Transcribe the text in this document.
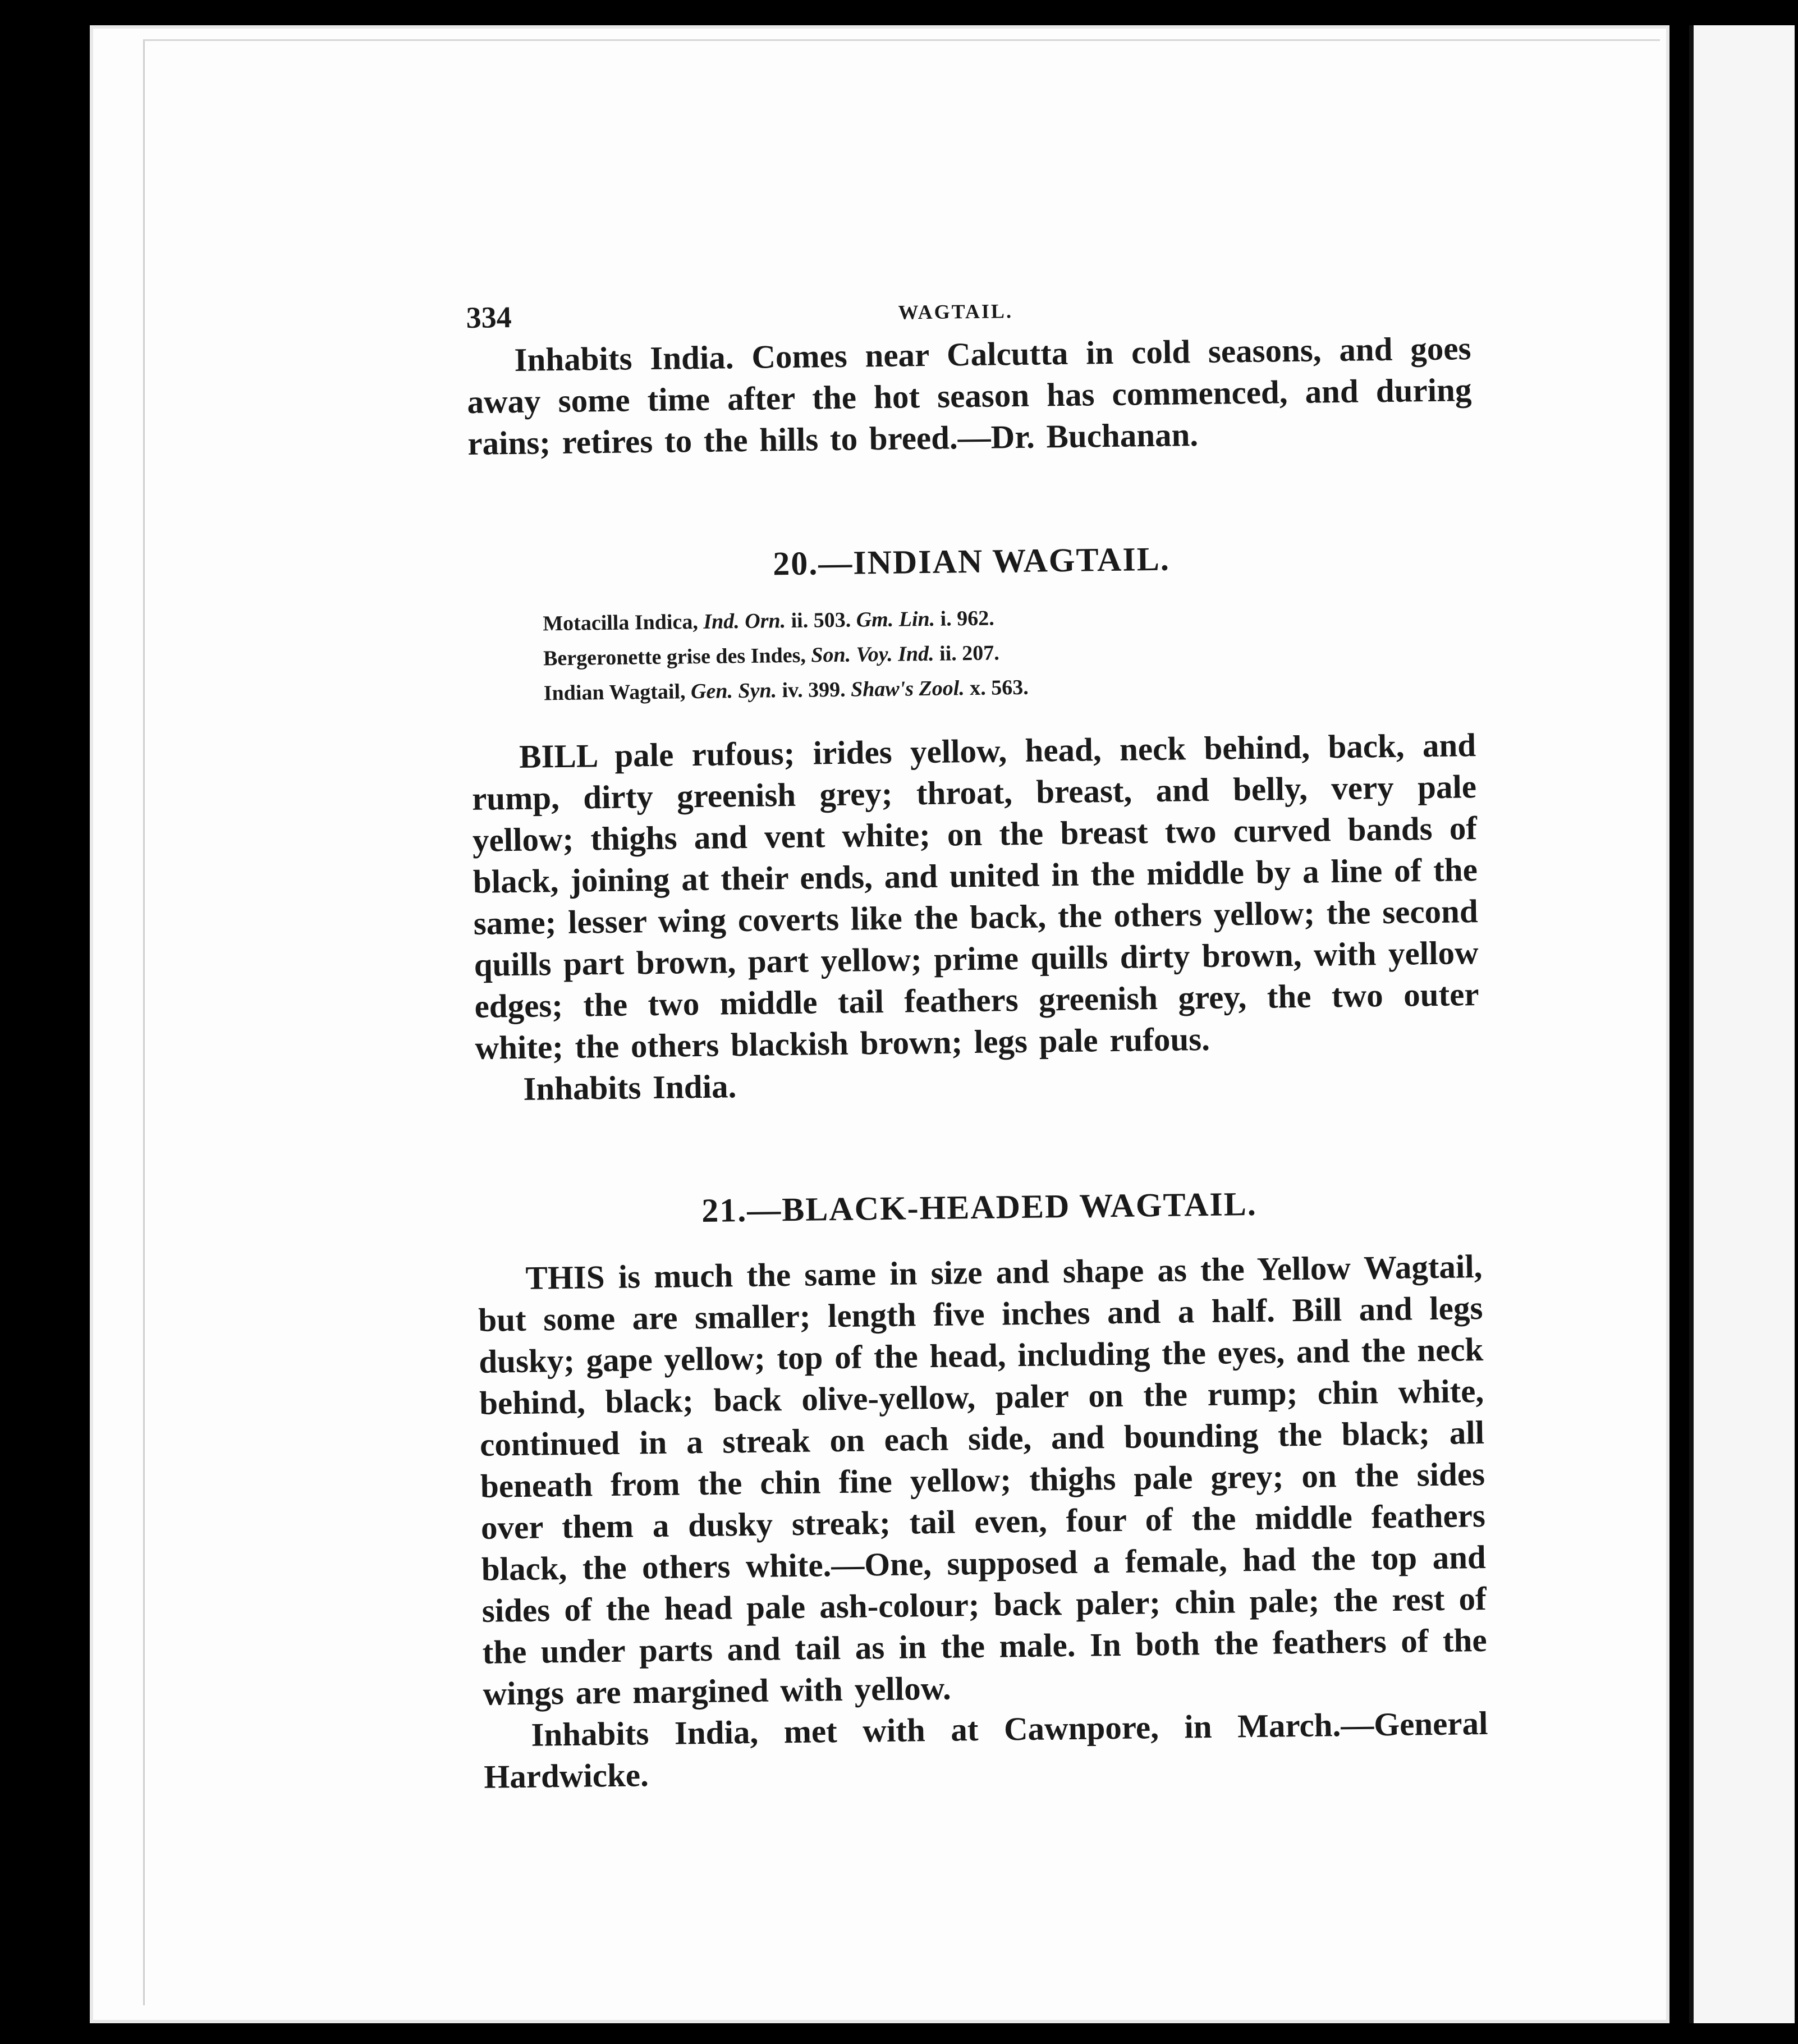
334	WAGTAIL.

Inhabits India. Comes near Calcutta in cold seasons, and goes away some time after the hot season has commenced, and during rains; retires to the hills to breed.—Dr. Buchanan.

20.—INDIAN WAGTAIL.

Motacilla Indica, Ind. Orn. ii. 503. Gm. Lin. i. 962.

Bergeronette grise des Indes, Son. Voy. Ind. ii. 207.

Indian Wagtail, Gen. Syn. iv. 399. Shaw's Zool. x. 563.

BILL pale rufous; irides yellow, head, neck behind, back, and rump, dirty greenish grey; throat, breast, and belly, very pale yellow; thighs and vent white; on the breast two curved bands of black, joining at their ends, and united in the middle by a line of the same; lesser wing coverts like the back, the others yellow; the second quills part brown, part yellow; prime quills dirty brown, with yellow edges; the two middle tail feathers greenish grey, the two outer white; the others blackish brown; legs pale rufous.

Inhabits India.

21.—BLACK-HEADED WAGTAIL.

THIS is much the same in size and shape as the Yellow Wagtail, but some are smaller; length five inches and a half. Bill and legs dusky; gape yellow; top of the head, including the eyes, and the neck behind, black; back olive-yellow, paler on the rump; chin white, continued in a streak on each side, and bounding the black; all beneath from the chin fine yellow; thighs pale grey; on the sides over them a dusky streak; tail even, four of the middle feathers black, the others white.—One, supposed a female, had the top and sides of the head pale ash-colour; back paler; chin pale; the rest of the under parts and tail as in the male. In both the feathers of the wings are margined with yellow.

Inhabits India, met with at Cawnpore, in March.—General Hardwicke.
